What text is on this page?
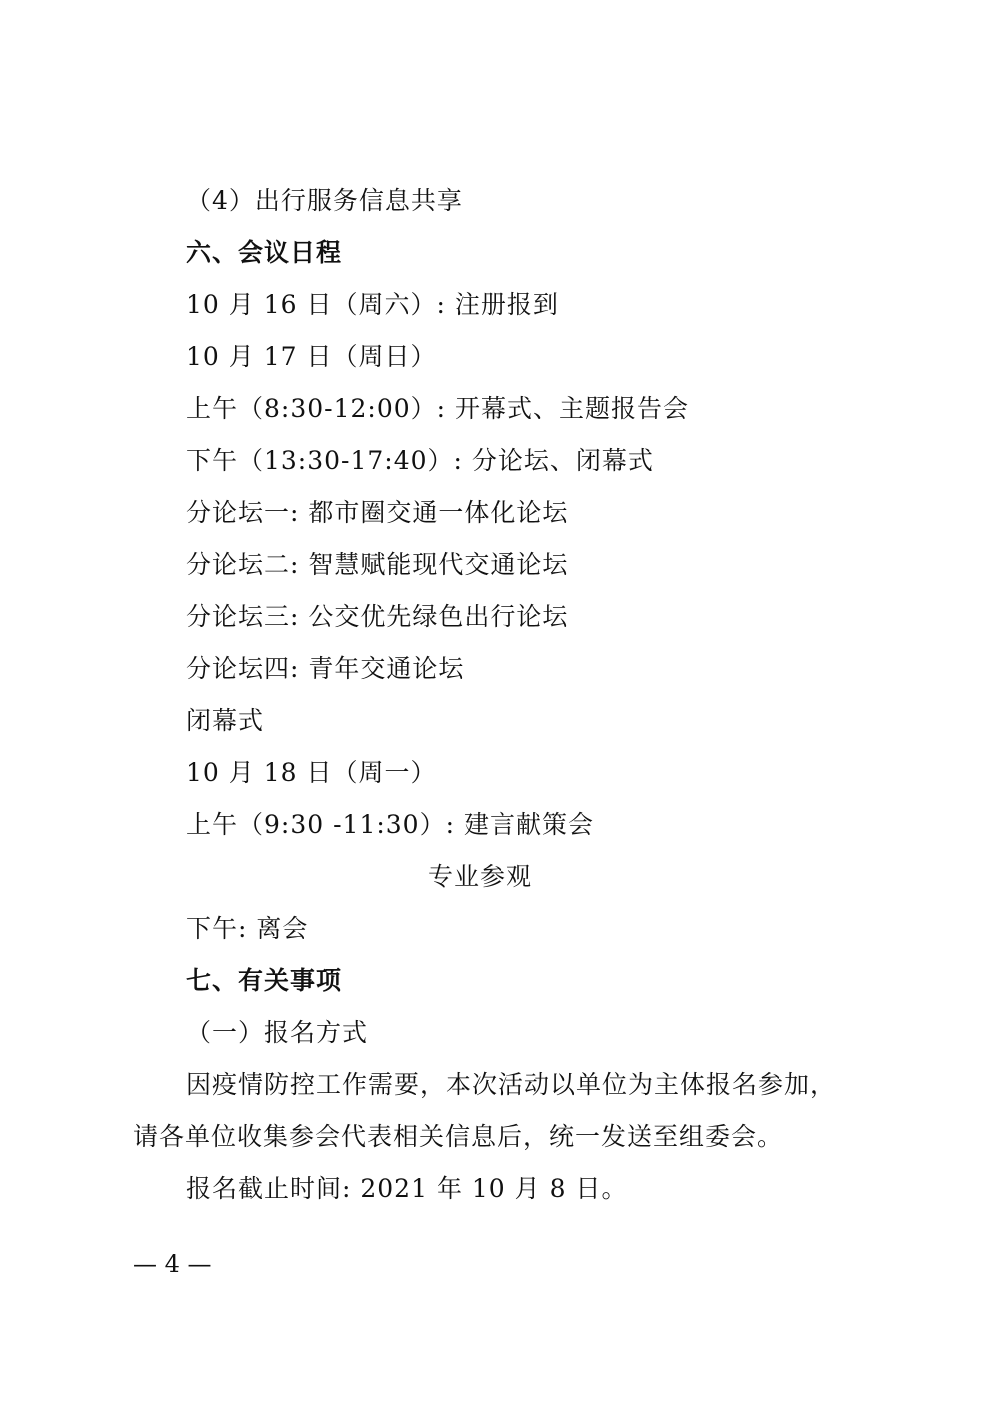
（4）出行服务信息共享
六、会议日程
10 月 16 日（周六）: 注册报到
10 月 17 日（周日）
上午（8:30-12:00）: 开幕式、主题报告会
下午（13:30-17:40）: 分论坛、闭幕式
分论坛一: 都市圈交通一体化论坛
分论坛二: 智慧赋能现代交通论坛
分论坛三: 公交优先绿色出行论坛
分论坛四: 青年交通论坛
闭幕式
10 月 18 日（周一）
上午（9:30 -11:30）: 建言献策会
专业参观
下午: 离会
七、有关事项
（一）报名方式
因疫情防控工作需要，本次活动以单位为主体报名参加，
请各单位收集参会代表相关信息后，统一发送至组委会。
报名截止时间: 2021 年 10 月 8 日。
— 4 —
